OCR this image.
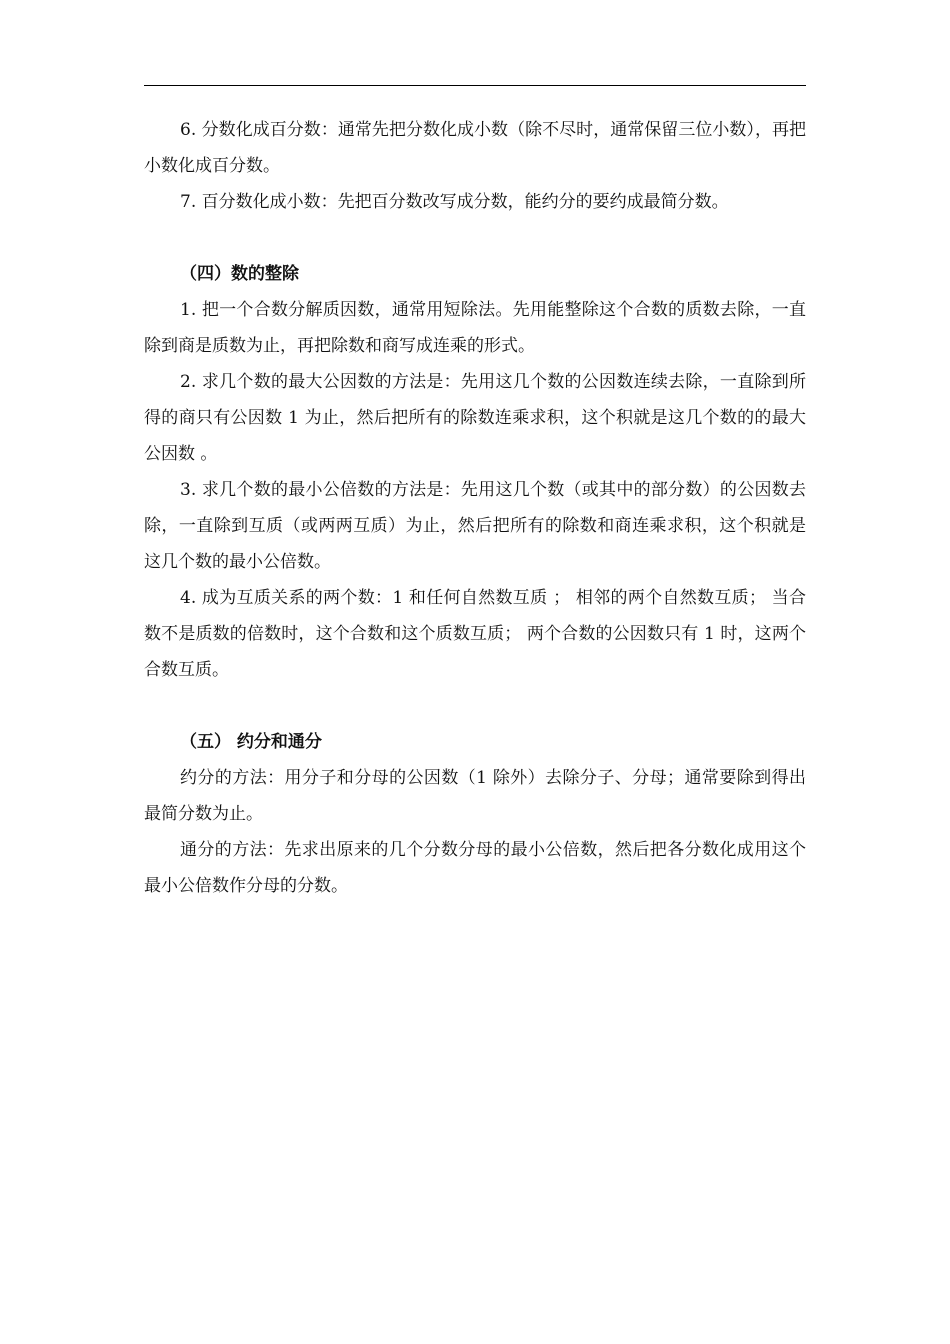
6. 分数化成百分数：通常先把分数化成小数（除不尽时，通常保留三位小数），再把小数化成百分数。

7. 百分数化成小数：先把百分数改写成分数，能约分的要约成最简分数。

（四）数的整除

1. 把一个合数分解质因数，通常用短除法。先用能整除这个合数的质数去除，一直除到商是质数为止，再把除数和商写成连乘的形式。

2. 求几个数的最大公因数的方法是：先用这几个数的公因数连续去除，一直除到所得的商只有公因数 1 为止，然后把所有的除数连乘求积，这个积就是这几个数的的最大公因数 。

3. 求几个数的最小公倍数的方法是：先用这几个数（或其中的部分数）的公因数去除，一直除到互质（或两两互质）为止，然后把所有的除数和商连乘求积，这个积就是这几个数的最小公倍数。

4. 成为互质关系的两个数：1 和任何自然数互质 ； 相邻的两个自然数互质； 当合数不是质数的倍数时，这个合数和这个质数互质； 两个合数的公因数只有 1 时，这两个合数互质。

（五） 约分和通分

约分的方法：用分子和分母的公因数（1 除外）去除分子、分母；通常要除到得出最简分数为止。

通分的方法：先求出原来的几个分数分母的最小公倍数，然后把各分数化成用这个最小公倍数作分母的分数。
